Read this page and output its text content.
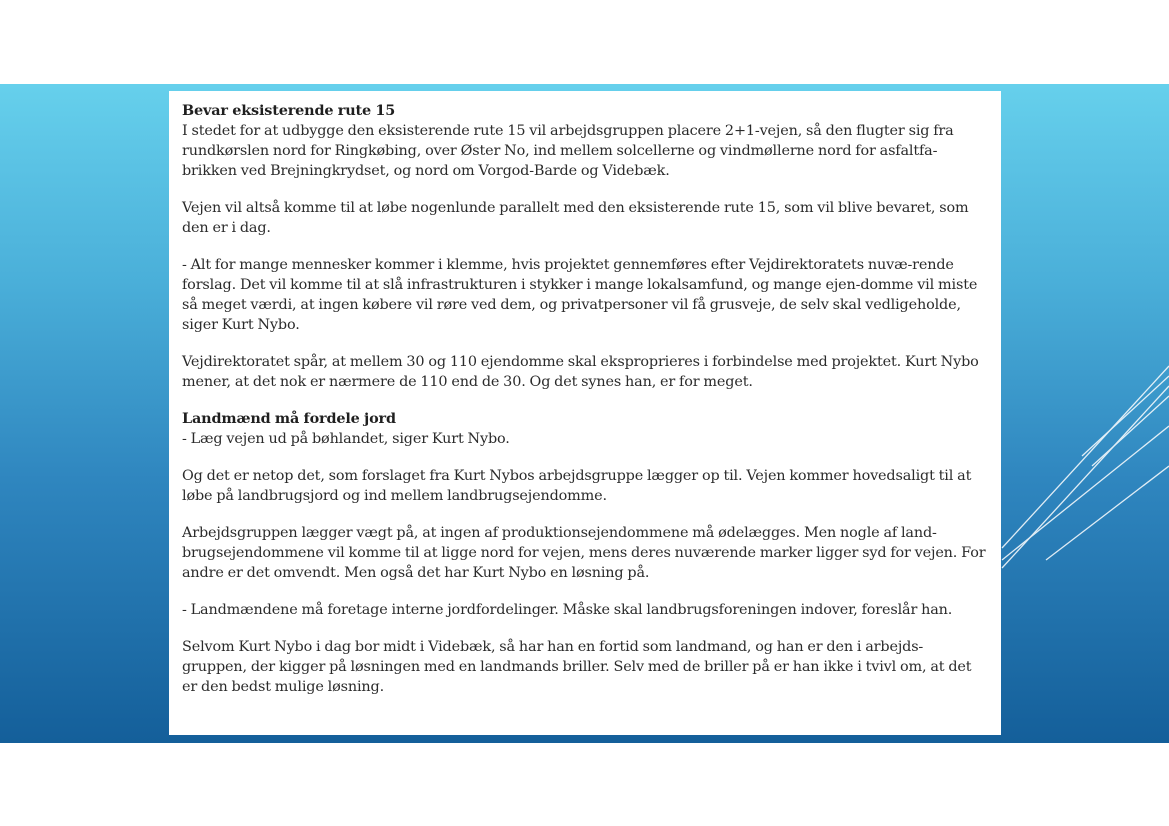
Bevar eksisterende rute 15
I stedet for at udbygge den eksisterende rute 15 vil arbejdsgruppen placere 2+1-vejen, så den flugter sig fra rundkørslen nord for Ringkøbing, over Øster No, ind mellem solcellerne og vindmøllerne nord for asfaltfa-brikken ved Brejningkrydset, og nord om Vorgod-Barde og Videbæk.

Vejen vil altså komme til at løbe nogenlunde parallelt med den eksisterende rute 15, som vil blive bevaret, som den er i dag.

- Alt for mange mennesker kommer i klemme, hvis projektet gennemføres efter Vejdirektoratets nuvæ-rende forslag. Det vil komme til at slå infrastrukturen i stykker i mange lokalsamfund, og mange ejen-domme vil miste så meget værdi, at ingen købere vil røre ved dem, og privatpersoner vil få grusveje, de selv skal vedligeholde, siger Kurt Nybo.

Vejdirektoratet spår, at mellem 30 og 110 ejendomme skal eksproprieres i forbindelse med projektet. Kurt Nybo mener, at det nok er nærmere de 110 end de 30. Og det synes han, er for meget.

Landmænd må fordele jord
- Læg vejen ud på bøhlandet, siger Kurt Nybo.

Og det er netop det, som forslaget fra Kurt Nybos arbejdsgruppe lægger op til. Vejen kommer hovedsaligt til at løbe på landbrugsjord og ind mellem landbrugsejendomme.

Arbejdsgruppen lægger vægt på, at ingen af produktionsejendommene må ødelægges. Men nogle af land-brugsejendommene vil komme til at ligge nord for vejen, mens deres nuværende marker ligger syd for vejen. For andre er det omvendt. Men også det har Kurt Nybo en løsning på.

- Landmændene må foretage interne jordfordelinger. Måske skal landbrugsforeningen indover, foreslår han.

Selvom Kurt Nybo i dag bor midt i Videbæk, så har han en fortid som landmand, og han er den i arbejds-gruppen, der kigger på løsningen med en landmands briller. Selv med de briller på er han ikke i tvivl om, at det er den bedst mulige løsning.
